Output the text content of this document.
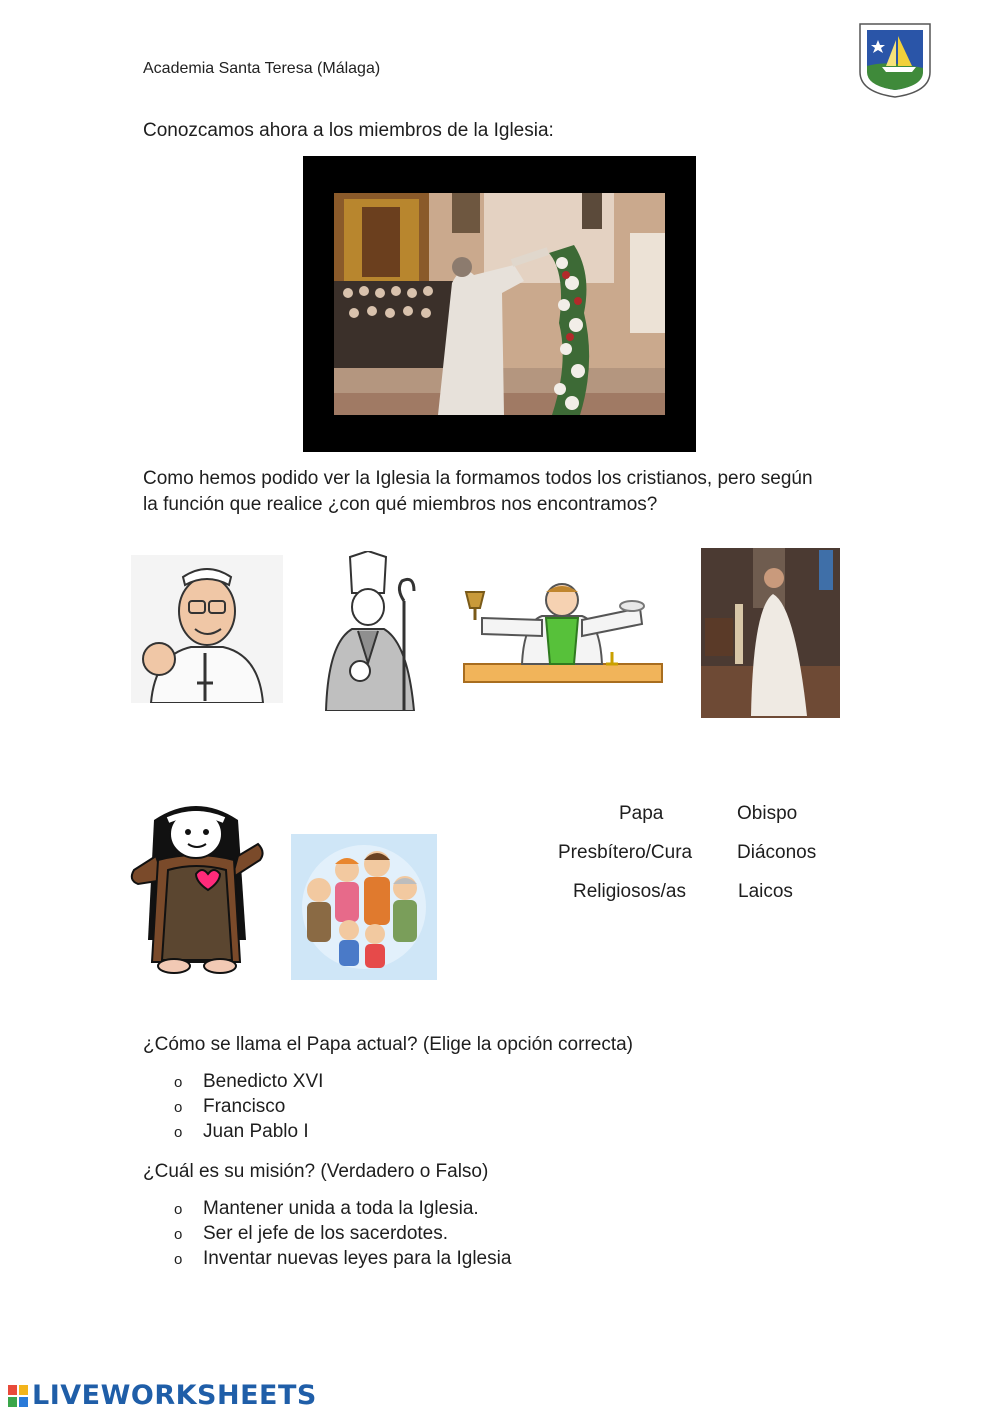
Academia Santa Teresa (Málaga)
Conozcamos ahora a los miembros de la Iglesia:
Como hemos podido ver la Iglesia la formamos todos los cristianos, pero según
la función que realice ¿con qué miembros nos encontramos?
Papa	Obispo
Presbítero/Cura Diáconos
Religiosos/as	Laicos
¿Cómo se llama el Papa actual? (Elige la opción correcta)
o Benedicto XVI
o Francisco
o Juan Pablo I
¿Cuál es su misión? (Verdadero o Falso)
o Mantener unida a toda la Iglesia.
o Ser el jefe de los sacerdotes.
o Inventar nuevas leyes para la Iglesia
LIVEWORKSHEETS
